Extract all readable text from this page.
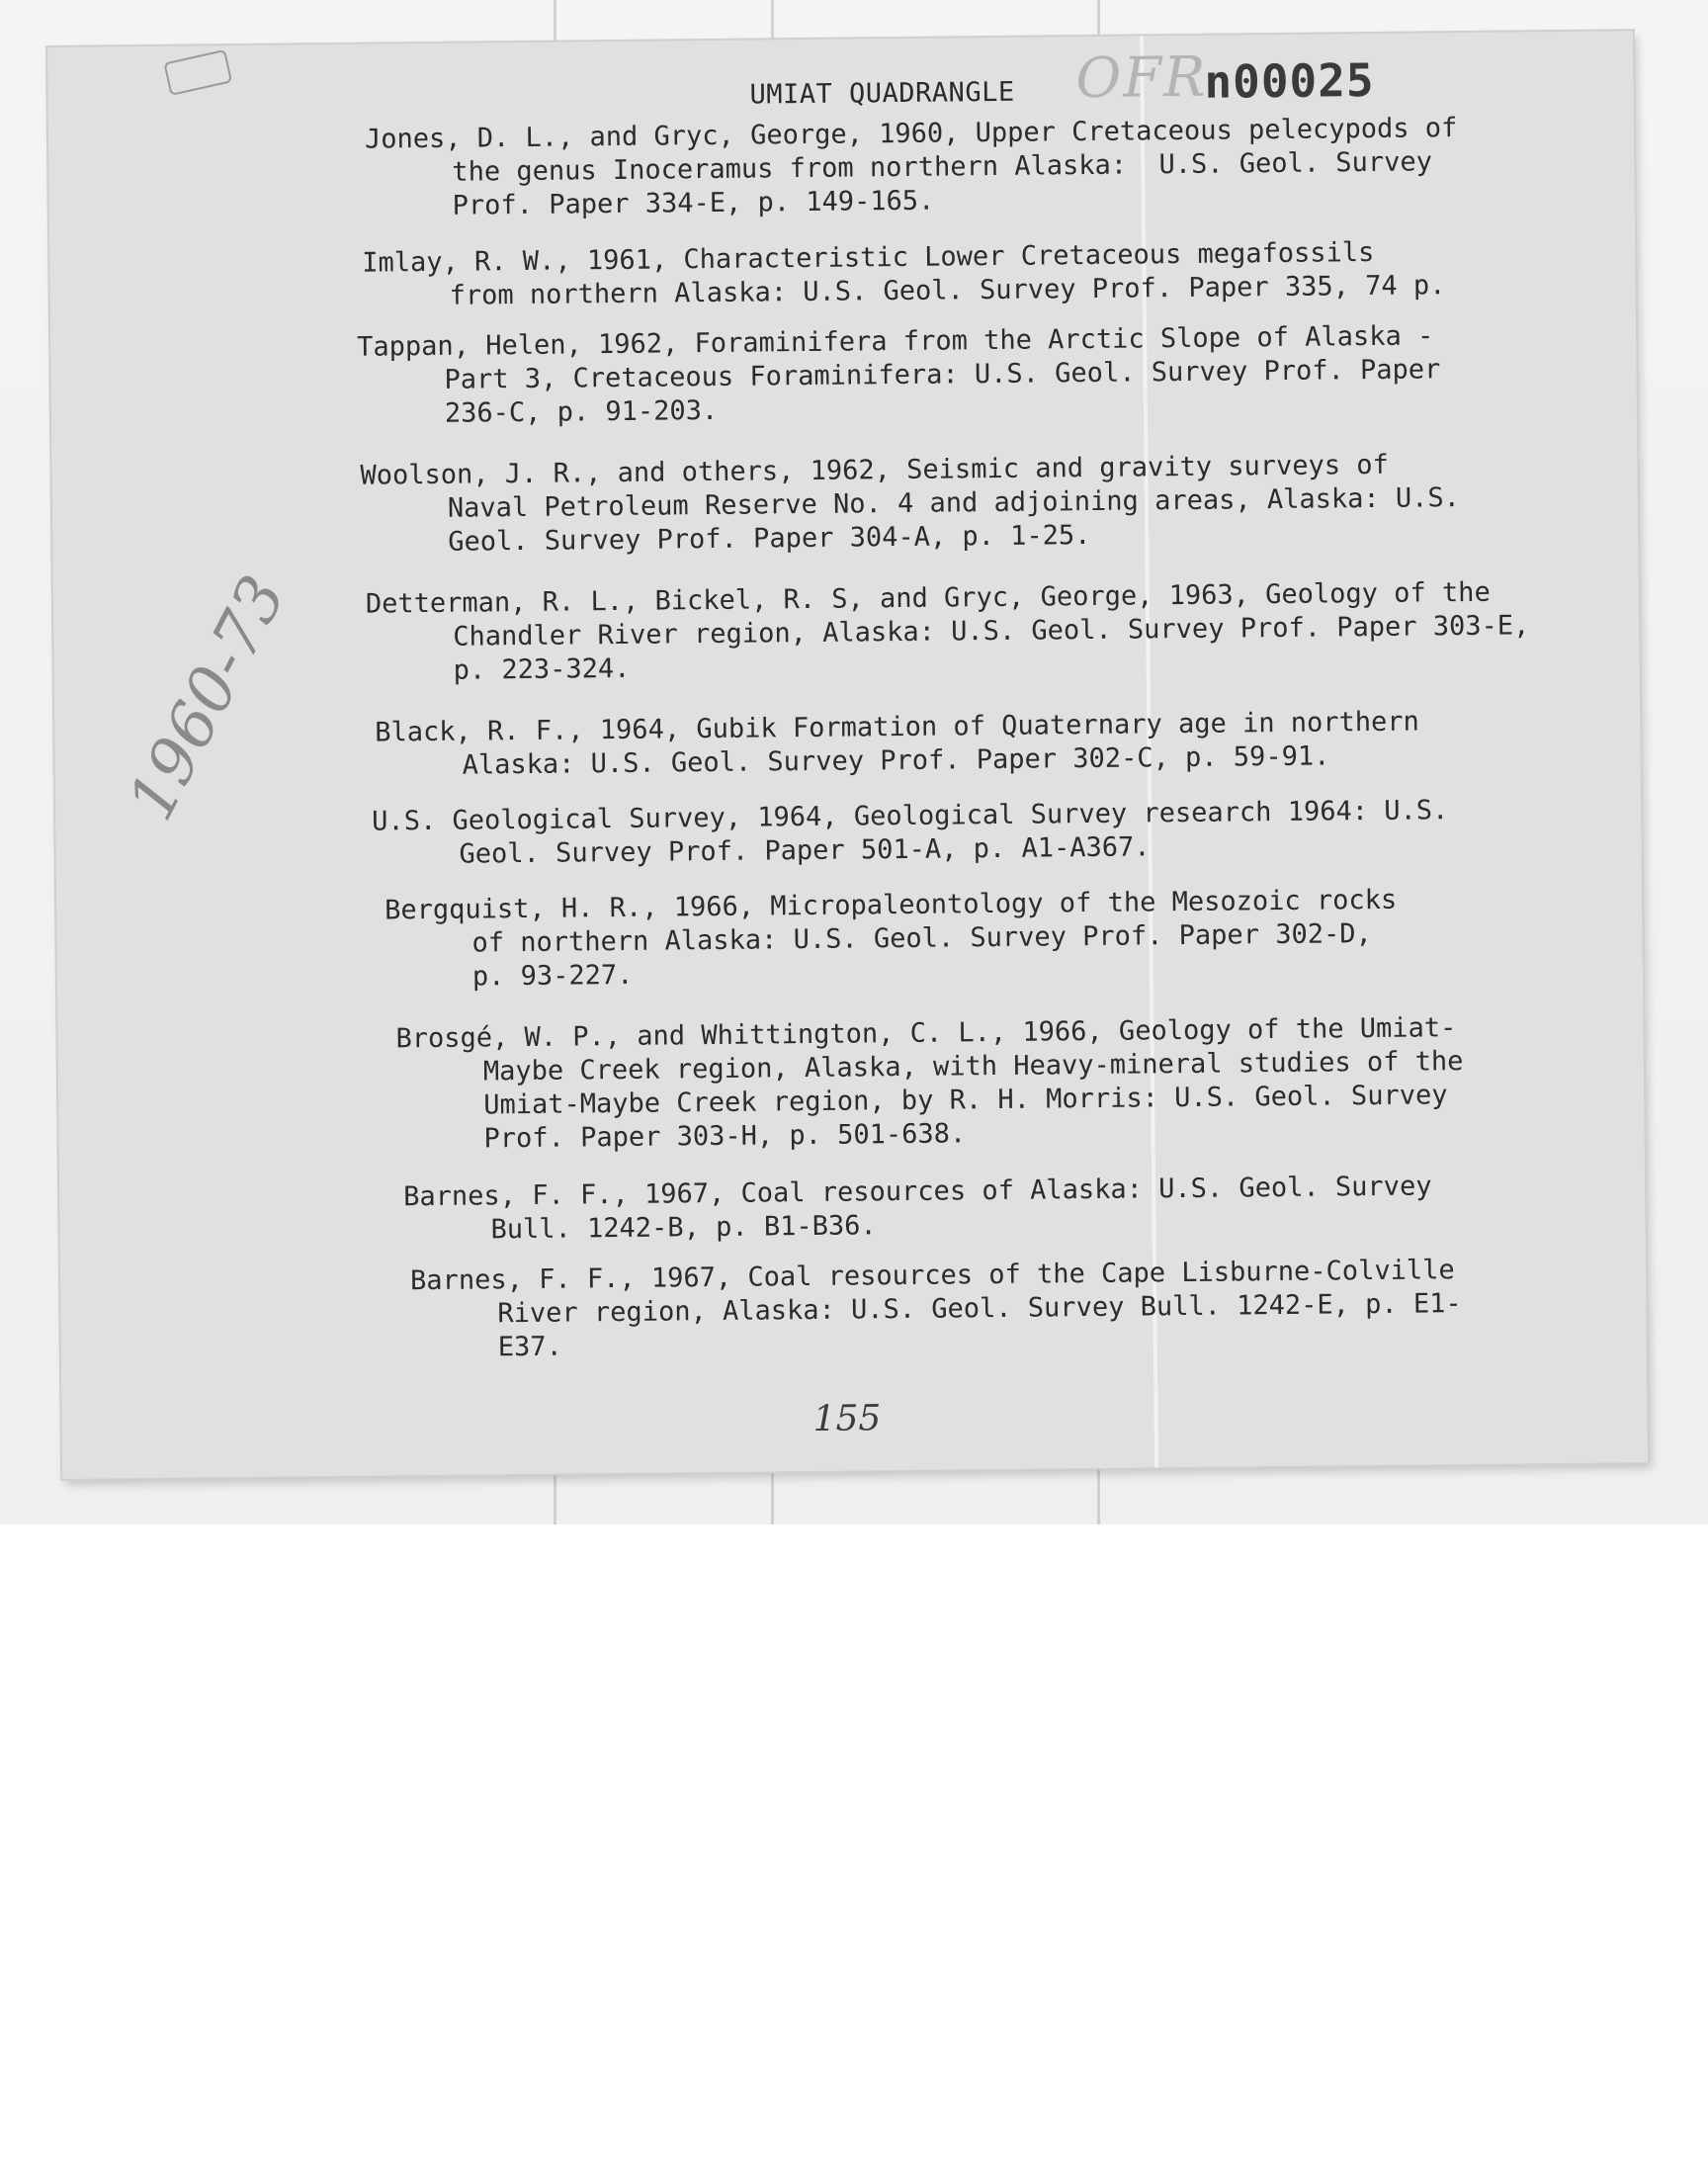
UMIAT QUADRANGLE OFR
n00025
1960-73
Jones, D. L., and Gryc, George, 1960, Upper Cretaceous pelecypods of
the genus Inoceramus from northern Alaska:  U.S. Geol. Survey
Prof. Paper 334-E, p. 149-165.
Imlay, R. W., 1961, Characteristic Lower Cretaceous megafossils
from northern Alaska: U.S. Geol. Survey Prof. Paper 335, 74 p.
Tappan, Helen, 1962, Foraminifera from the Arctic Slope of Alaska -
Part 3, Cretaceous Foraminifera: U.S. Geol. Survey Prof. Paper
236-C, p. 91-203.
Woolson, J. R., and others, 1962, Seismic and gravity surveys of
Naval Petroleum Reserve No. 4 and adjoining areas, Alaska: U.S.
Geol. Survey Prof. Paper 304-A, p. 1-25.
Detterman, R. L., Bickel, R. S, and Gryc, George, 1963, Geology of the
Chandler River region, Alaska: U.S. Geol. Survey Prof. Paper 303-E,
p. 223-324.
Black, R. F., 1964, Gubik Formation of Quaternary age in northern
Alaska: U.S. Geol. Survey Prof. Paper 302-C, p. 59-91.
U.S. Geological Survey, 1964, Geological Survey research 1964: U.S.
Geol. Survey Prof. Paper 501-A, p. A1-A367.
Bergquist, H. R., 1966, Micropaleontology of the Mesozoic rocks
of northern Alaska: U.S. Geol. Survey Prof. Paper 302-D,
p. 93-227.
Brosgé, W. P., and Whittington, C. L., 1966, Geology of the Umiat-
Maybe Creek region, Alaska, with Heavy-mineral studies of the
Umiat-Maybe Creek region, by R. H. Morris: U.S. Geol. Survey
Prof. Paper 303-H, p. 501-638.
Barnes, F. F., 1967, Coal resources of Alaska: U.S. Geol. Survey
Bull. 1242-B, p. B1-B36.
Barnes, F. F., 1967, Coal resources of the Cape Lisburne-Colville
River region, Alaska: U.S. Geol. Survey Bull. 1242-E, p. E1-
E37.
155
